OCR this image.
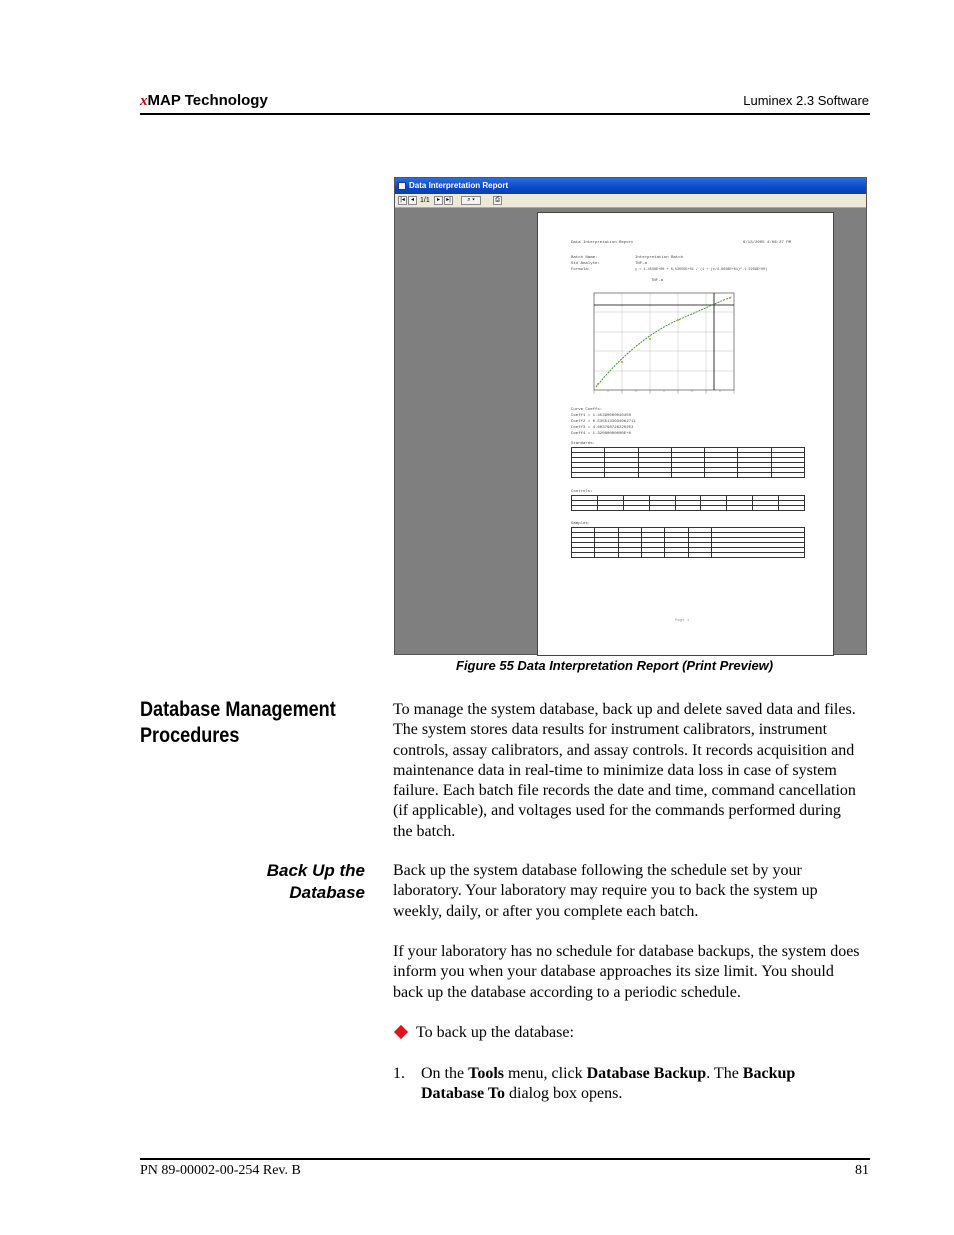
xMAP Technology	Luminex 2.3 Software
Data Interpretation Report
|◂	◂ 1/1	▸	▸|	⌕ ▾	⎙
Data Interpretation Report	6/13/2005 4:06:27 PM
Batch Name:	Interpretation Batch
Std Analyte:	TNF-a
Formula:	y = 1.4539E+00 + 0.53555E+01 / (1 + (x/4.6038E+01)^-1.3208E+00)
TNF-a
Curve Coeffs:
Coeff1 = 1.45390000040450
Coeff2 = 0.5355133034062711
Coeff3 = 4.6037987262202E3
Coeff4 = 1.32080000000E+0
Standards:

Controls:

Samples:

Page 1
Figure 55 Data Interpretation Report (Print Preview)
Database Management Procedures
To manage the system database, back up and delete saved data and files. The system stores data results for instrument calibrators, instrument controls, assay calibrators, and assay controls. It records acquisition and maintenance data in real-time to minimize data loss in case of system failure. Each batch file records the date and time, command cancellation (if applicable), and voltages used for the commands performed during the batch.
Back Up the Database
Back up the system database following the schedule set by your laboratory. Your laboratory may require you to back the system up weekly, daily, or after you complete each batch.
If your laboratory has no schedule for database backups, the system does inform you when your database approaches its size limit. You should back up the database according to a periodic schedule.
To back up the database:
1. On the Tools menu, click Database Backup. The Backup Database To dialog box opens.
PN 89-00002-00-254 Rev. B	81
